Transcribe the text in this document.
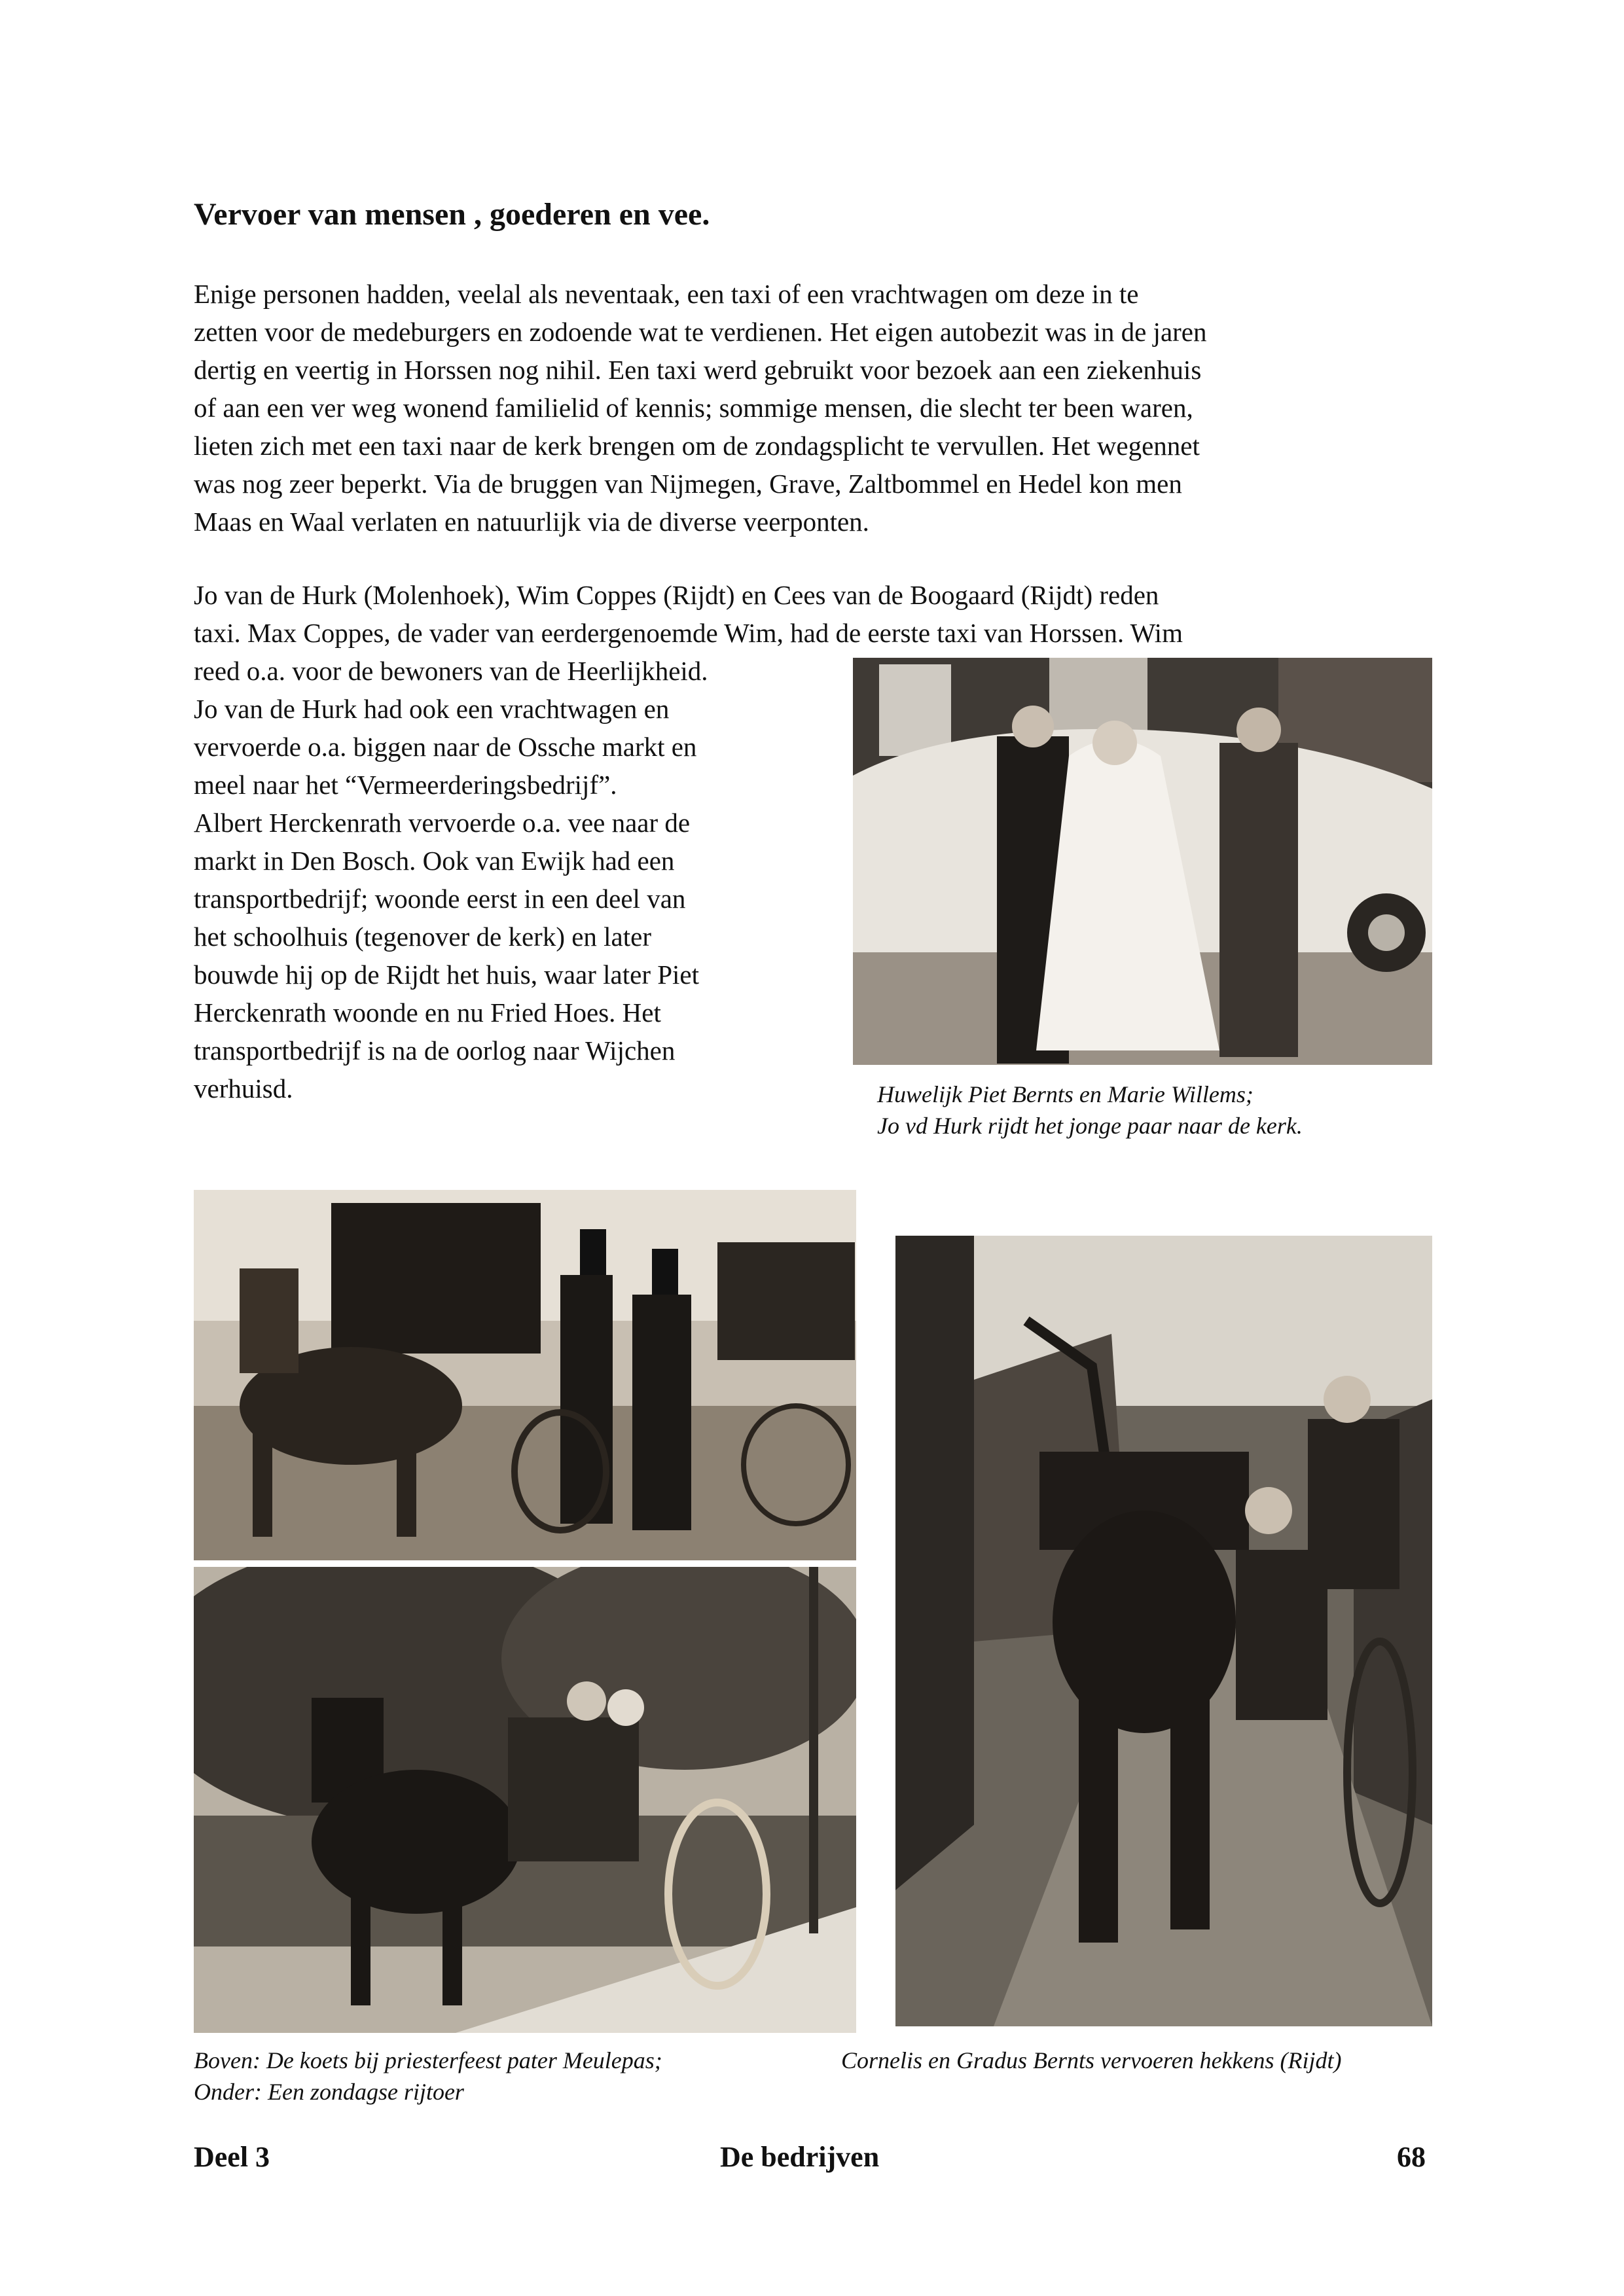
Vervoer van mensen , goederen en vee.

Enige personen hadden, veelal als neventaak, een taxi of een vrachtwagen om deze in te
zetten voor de medeburgers en zodoende wat te verdienen. Het eigen autobezit was in de jaren
dertig en veertig in Horssen nog nihil. Een taxi werd gebruikt voor bezoek aan een ziekenhuis
of aan een ver weg wonend familielid of kennis; sommige mensen, die slecht ter been waren,
lieten zich met een taxi naar de kerk brengen om de zondagsplicht te vervullen. Het wegennet
was nog zeer beperkt. Via de bruggen van Nijmegen, Grave, Zaltbommel en Hedel kon men
Maas en Waal verlaten en natuurlijk via de diverse veerponten.

Jo van de Hurk (Molenhoek), Wim Coppes (Rijdt) en Cees van de Boogaard (Rijdt) reden
taxi. Max Coppes, de vader van eerdergenoemde Wim, had de eerste taxi van Horssen. Wim

reed o.a. voor de bewoners van de Heerlijkheid.
Jo van de Hurk had ook een vrachtwagen en
vervoerde o.a. biggen naar de Ossche markt en
meel naar het “Vermeerderingsbedrijf”.
Albert Herckenrath vervoerde o.a. vee naar de
markt in Den Bosch. Ook van Ewijk had een
transportbedrijf; woonde eerst in een deel van
het schoolhuis (tegenover de kerk) en later
bouwde hij op de Rijdt het huis, waar later Piet
Herckenrath woonde en nu Fried Hoes. Het
transportbedrijf is na de oorlog naar Wijchen
verhuisd.	Huwelijk Piet Bernts en Marie Willems;
Jo vd Hurk rijdt het jonge paar naar de kerk.

Boven: De koets bij priesterfeest pater Meulepas;
Onder: Een zondagse rijtoer

Cornelis en Gradus Bernts vervoeren hekkens (Rijdt)

Deel 3	De bedrijven	68
